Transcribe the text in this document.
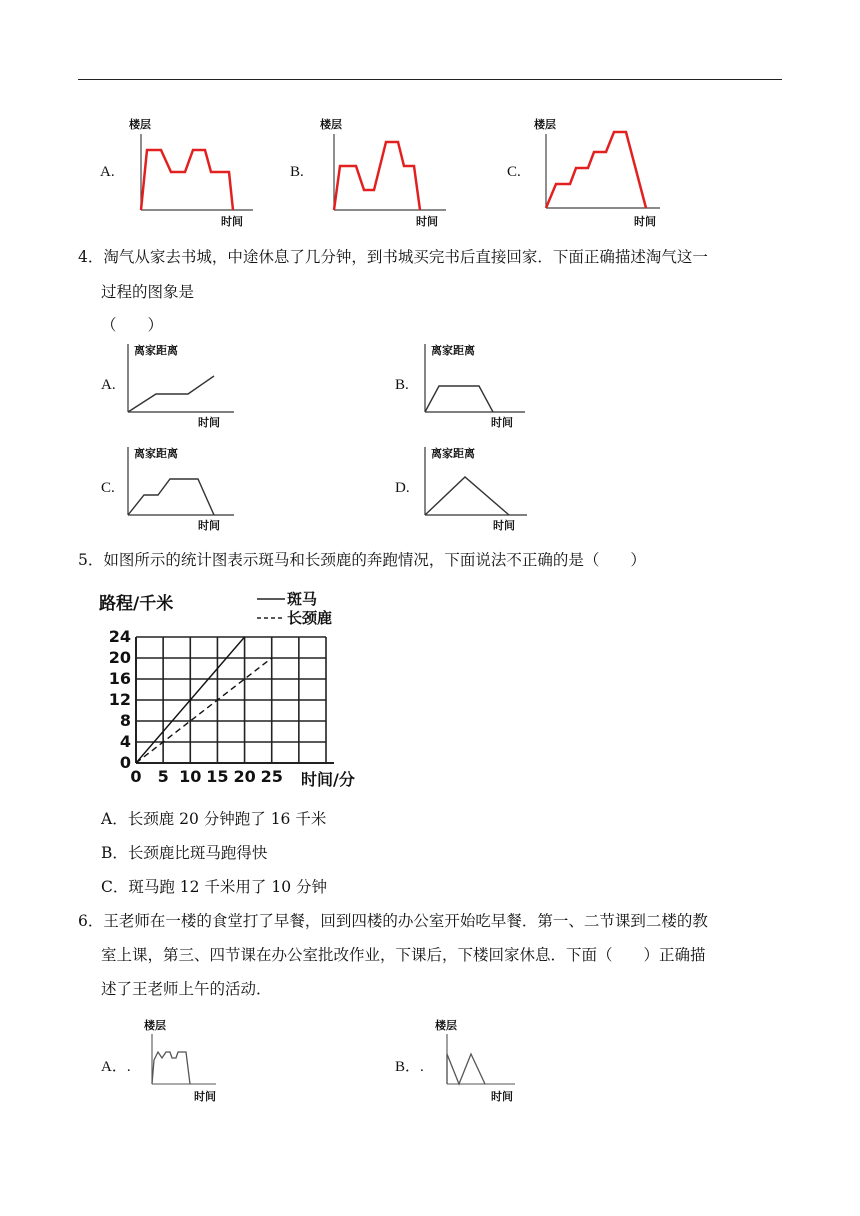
A.
楼层
时间
B.
楼层
时间
C.
楼层
时间
4．淘气从家去书城，中途休息了几分钟，到书城买完书后直接回家．下面正确描述淘气这一
过程的图象是
（　　）
A.
离家距离
时间
B.
离家距离
时间
C.
离家距离
时间
D.
离家距离
时间
5．如图所示的统计图表示斑马和长颈鹿的奔跑情况，下面说法不正确的是（　　）
0 5 10 15 20 25
4
8
12
16
20
24
0
路程/千米
时间/分
斑马
长颈鹿
A．长颈鹿 20 分钟跑了 16 千米
B．长颈鹿比斑马跑得快
C．斑马跑 12 千米用了 10 分钟
6．王老师在一楼的食堂打了早餐，回到四楼的办公室开始吃早餐．第一、二节课到二楼的教
室上课，第三、四节课在办公室批改作业，下课后，下楼回家休息．下面（　　）正确描
述了王老师上午的活动．
A．.
楼层
时间
B．.
楼层
时间
